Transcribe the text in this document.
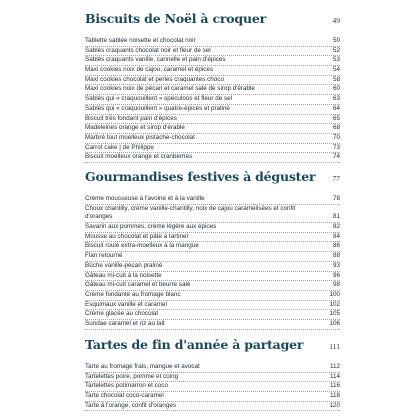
Biscuits de Noël à croquer	49
Tablette sablée noisette et chocolat noir	50
Sablés craquants chocolat noir et fleur de sel	52
Sablés craquants vanille, cannelle et pain d'épices	53
Maxi cookies noix de cajou, caramel et épices	54
Maxi cookies chocolat et perles craquantes choco	58
Maxi cookies noix de pécan et caramel salé de sirop d'érable	60
Sablés qui « craquouillent » spéculoos et fleur de sel	63
Sablés qui « craquouillent » quatre-épices et praliné	64
Biscuit très fondant pain d'épices	65
Madeleines orange et sirop d'érable	68
Marbré tout moelleux pistache-chocolat	70
Carrot cake | de Philippe	73
Biscuit moelleux orange et cranberries	74
Gourmandises festives à déguster 77
Crème mousseuse à l'avoine et à la vanille	78
Choux chantilly, crème vanille-chantilly, noix de cajou caramélisées et confit d'oranges	81
Savarin aux pommes, crème légère aux épices	82
Mousse au chocolat et pâte à tartiner	84
Biscuit roulé extra-moelleux à la mangue	86
Flan retourné	88
Bûche vanille-pécan praliné	93
Gâteau mi-cuit à la noisette	96
Gâteau mi-cuit caramel et beurre salé	98
Crème fondante au fromage blanc	100
Esquimaux vanille et caramel	102
Crème glacée au chocolat	105
Sundae caramel et riz au lait	106
Tartes de fin d'année à partager	111
Tarte au fromage frais, mangue et avocat	112
Tartelettes poire, pomme et coing	114
Tartelettes potimarron et coco	116
Tarte chocolat coco-caramel	118
Tarte à l'orange, confit d'oranges	120
